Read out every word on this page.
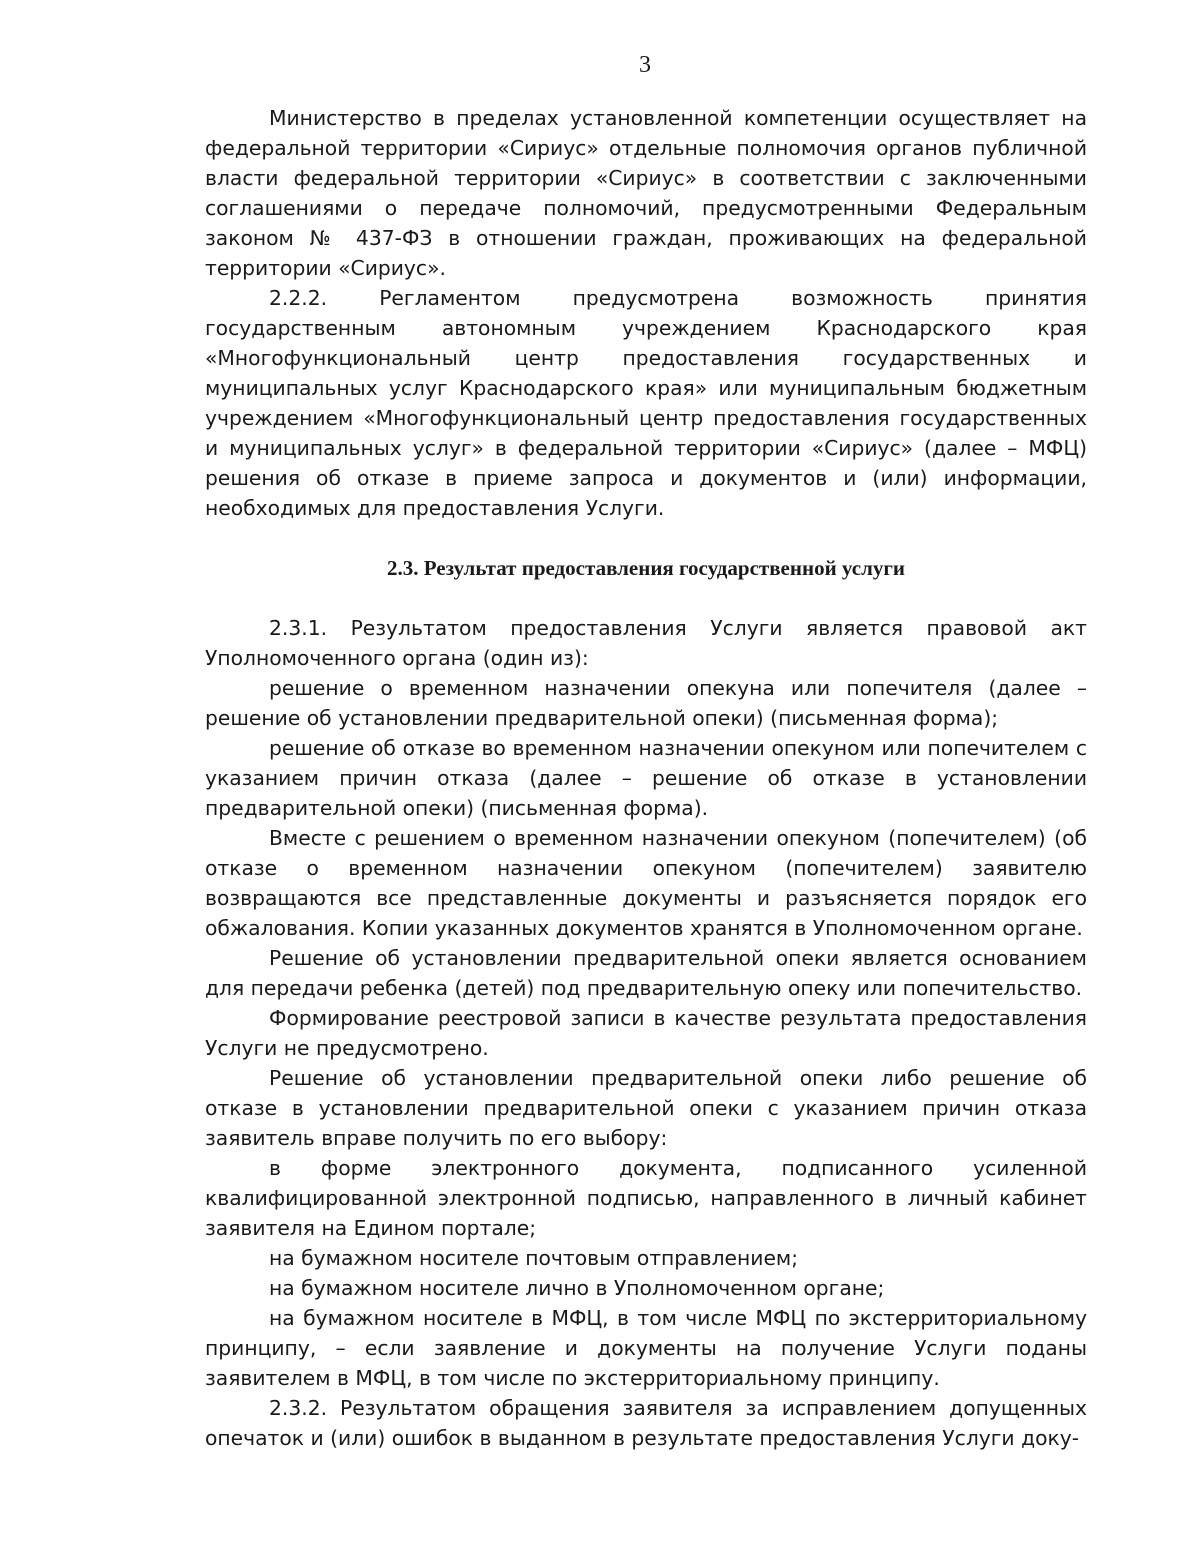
3

Министерство в пределах установленной компетенции осуществляет на федеральной территории «Сириус» отдельные полномочия органов публичной власти федеральной территории «Сириус» в соответствии с заключенными соглашениями о передаче полномочий, предусмотренными Федеральным законом № 437-ФЗ в отношении граждан, проживающих на федеральной территории «Сириус».

2.2.2. Регламентом предусмотрена возможность принятия государственным автономным учреждением Краснодарского края «Многофункциональный центр предоставления государственных и муниципальных услуг Краснодарского края» или муниципальным бюджетным учреждением «Многофункциональный центр предоставления государственных и муниципальных услуг» в федеральной территории «Сириус» (далее – МФЦ) решения об отказе в приеме запроса и документов и (или) информации, необходимых для предоставления Услуги.

2.3. Результат предоставления государственной услуги

2.3.1. Результатом предоставления Услуги является правовой акт Уполномоченного органа (один из):

решение о временном назначении опекуна или попечителя (далее – решение об установлении предварительной опеки) (письменная форма);

решение об отказе во временном назначении опекуном или попечителем с указанием причин отказа (далее – решение об отказе в установлении предварительной опеки) (письменная форма).

Вместе с решением о временном назначении опекуном (попечителем) (об отказе о временном назначении опекуном (попечителем) заявителю возвращаются все представленные документы и разъясняется порядок его обжалования. Копии указанных документов хранятся в Уполномоченном органе.

Решение об установлении предварительной опеки является основанием для передачи ребенка (детей) под предварительную опеку или попечительство.

Формирование реестровой записи в качестве результата предоставления Услуги не предусмотрено.

Решение об установлении предварительной опеки либо решение об отказе в установлении предварительной опеки с указанием причин отказа заявитель вправе получить по его выбору:

в форме электронного документа, подписанного усиленной квалифицированной электронной подписью, направленного в личный кабинет заявителя на Едином портале;

на бумажном носителе почтовым отправлением;

на бумажном носителе лично в Уполномоченном органе;

на бумажном носителе в МФЦ, в том числе МФЦ по экстерриториальному принципу, – если заявление и документы на получение Услуги поданы заявителем в МФЦ, в том числе по экстерриториальному принципу.

2.3.2. Результатом обращения заявителя за исправлением допущенных опечаток и (или) ошибок в выданном в результате предоставления Услуги доку-
